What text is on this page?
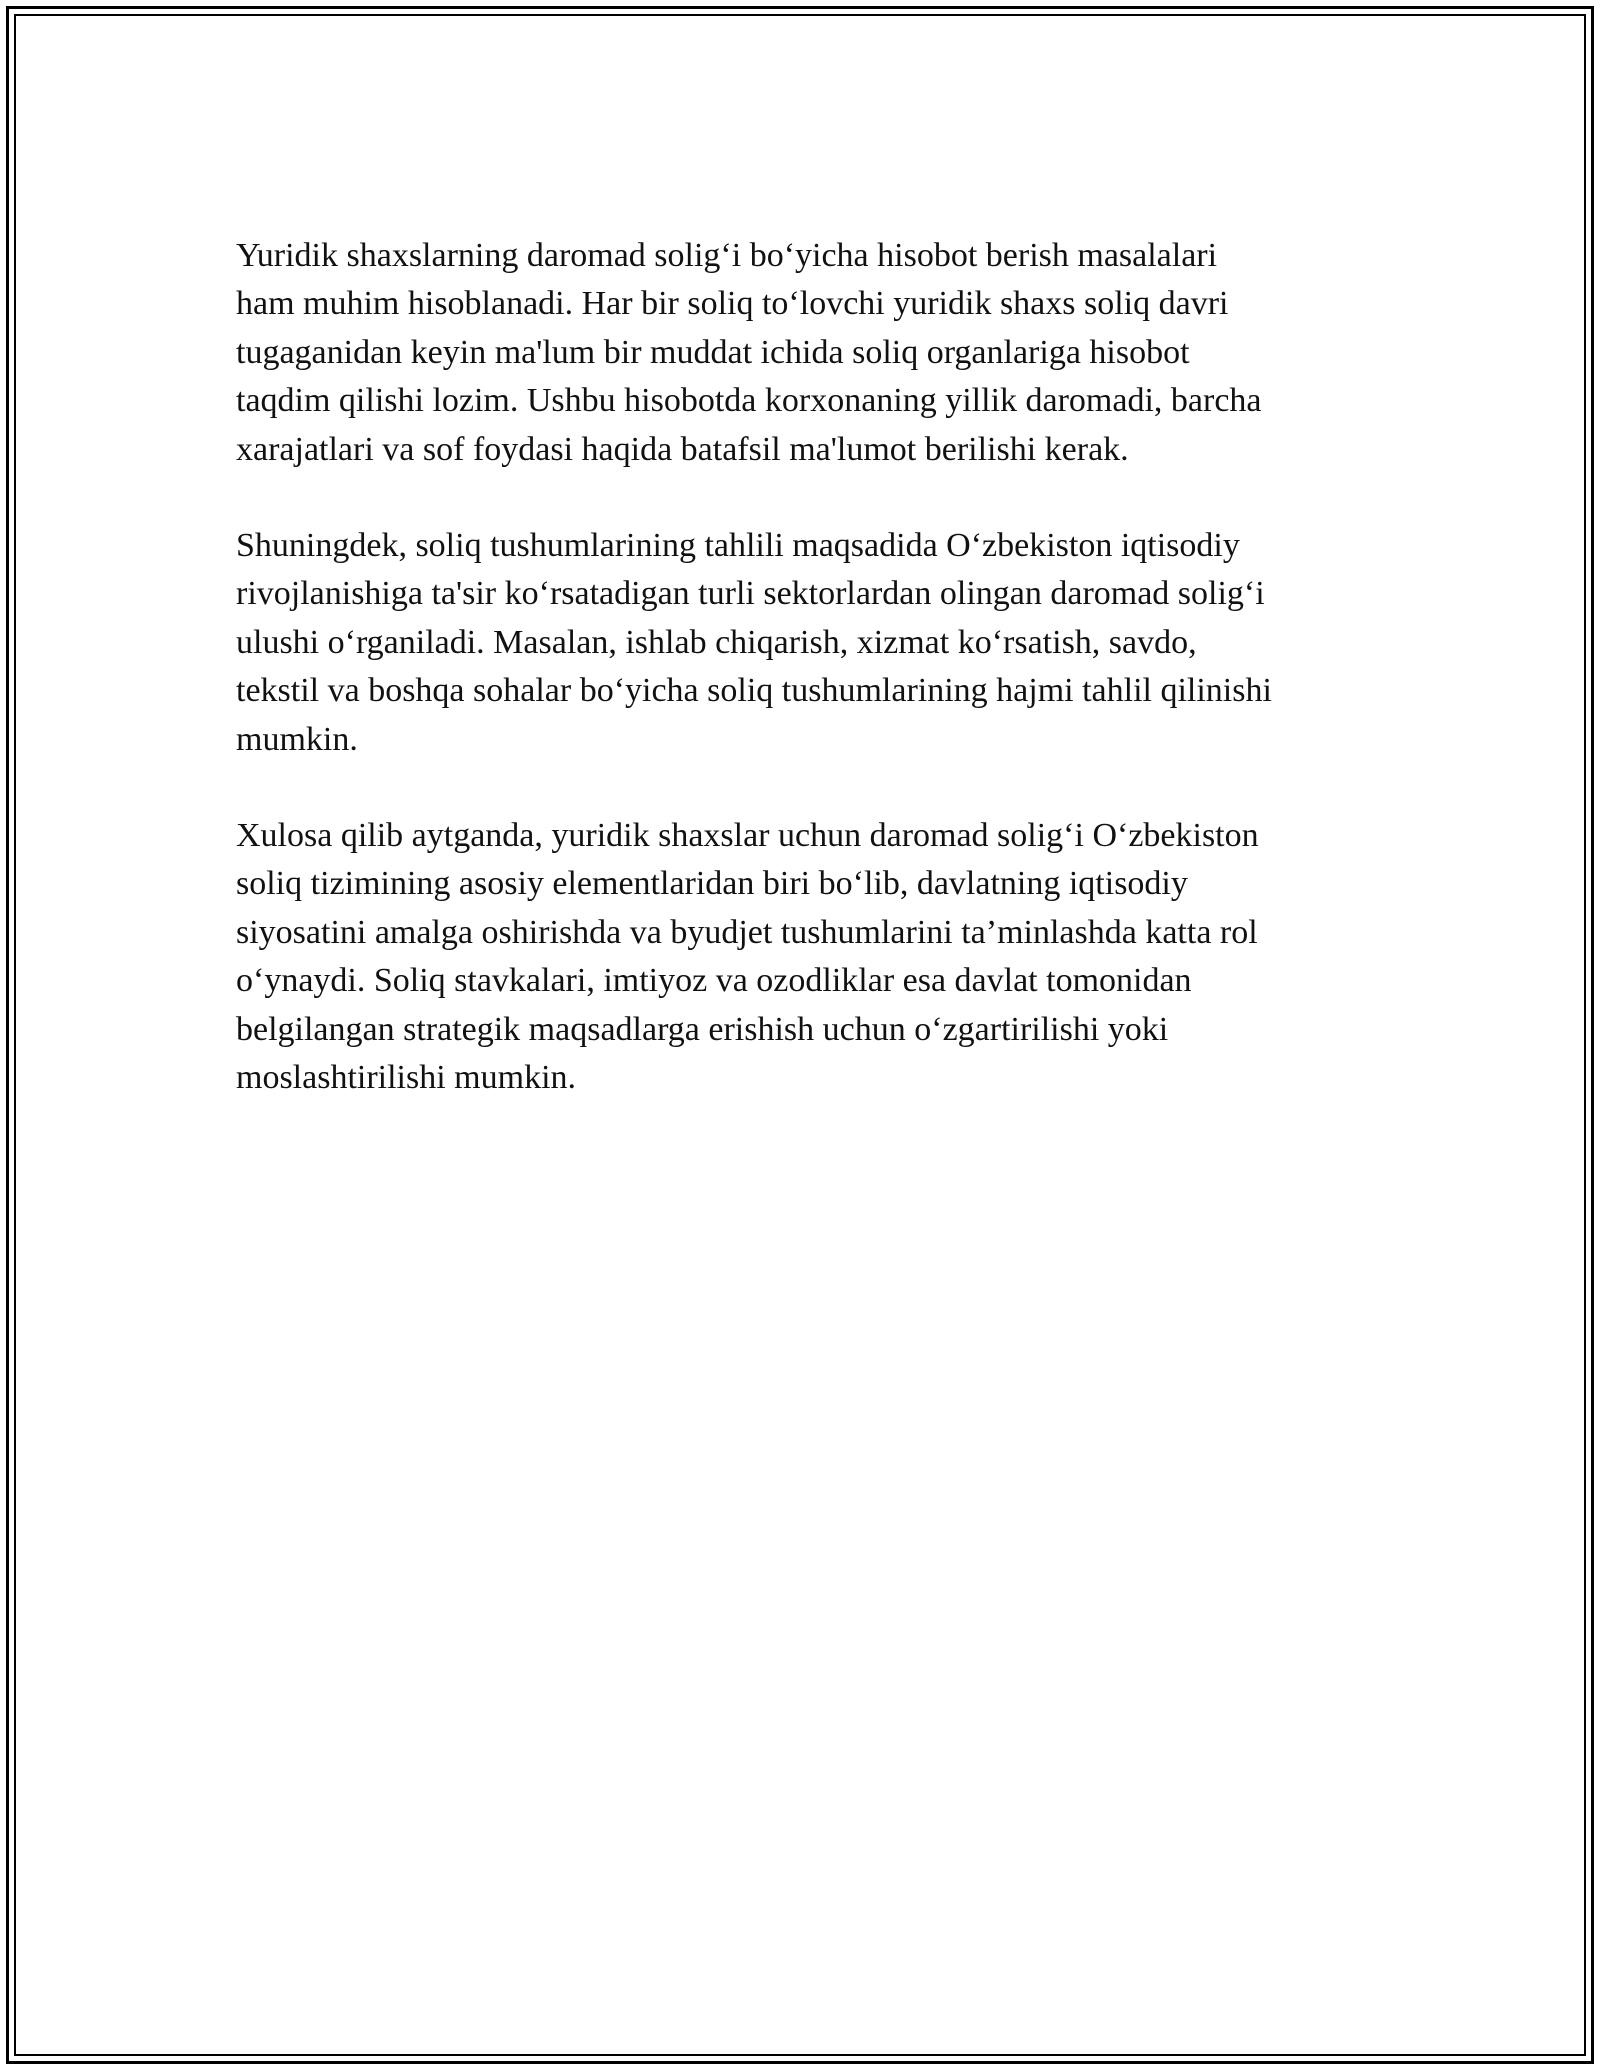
Yuridik shaxslarning daromad solig‘i bo‘yicha hisobot berish masalalari
ham muhim hisoblanadi. Har bir soliq to‘lovchi yuridik shaxs soliq davri
tugaganidan keyin ma'lum bir muddat ichida soliq organlariga hisobot
taqdim qilishi lozim. Ushbu hisobotda korxonaning yillik daromadi, barcha
xarajatlari va sof foydasi haqida batafsil ma'lumot berilishi kerak.

Shuningdek, soliq tushumlarining tahlili maqsadida O‘zbekiston iqtisodiy
rivojlanishiga ta'sir ko‘rsatadigan turli sektorlardan olingan daromad solig‘i
ulushi o‘rganiladi. Masalan, ishlab chiqarish, xizmat ko‘rsatish, savdo,
tekstil va boshqa sohalar bo‘yicha soliq tushumlarining hajmi tahlil qilinishi
mumkin.

Xulosa qilib aytganda, yuridik shaxslar uchun daromad solig‘i O‘zbekiston
soliq tizimining asosiy elementlaridan biri bo‘lib, davlatning iqtisodiy
siyosatini amalga oshirishda va byudjet tushumlarini ta’minlashda katta rol
o‘ynaydi. Soliq stavkalari, imtiyoz va ozodliklar esa davlat tomonidan
belgilangan strategik maqsadlarga erishish uchun o‘zgartirilishi yoki
moslashtirilishi mumkin.
